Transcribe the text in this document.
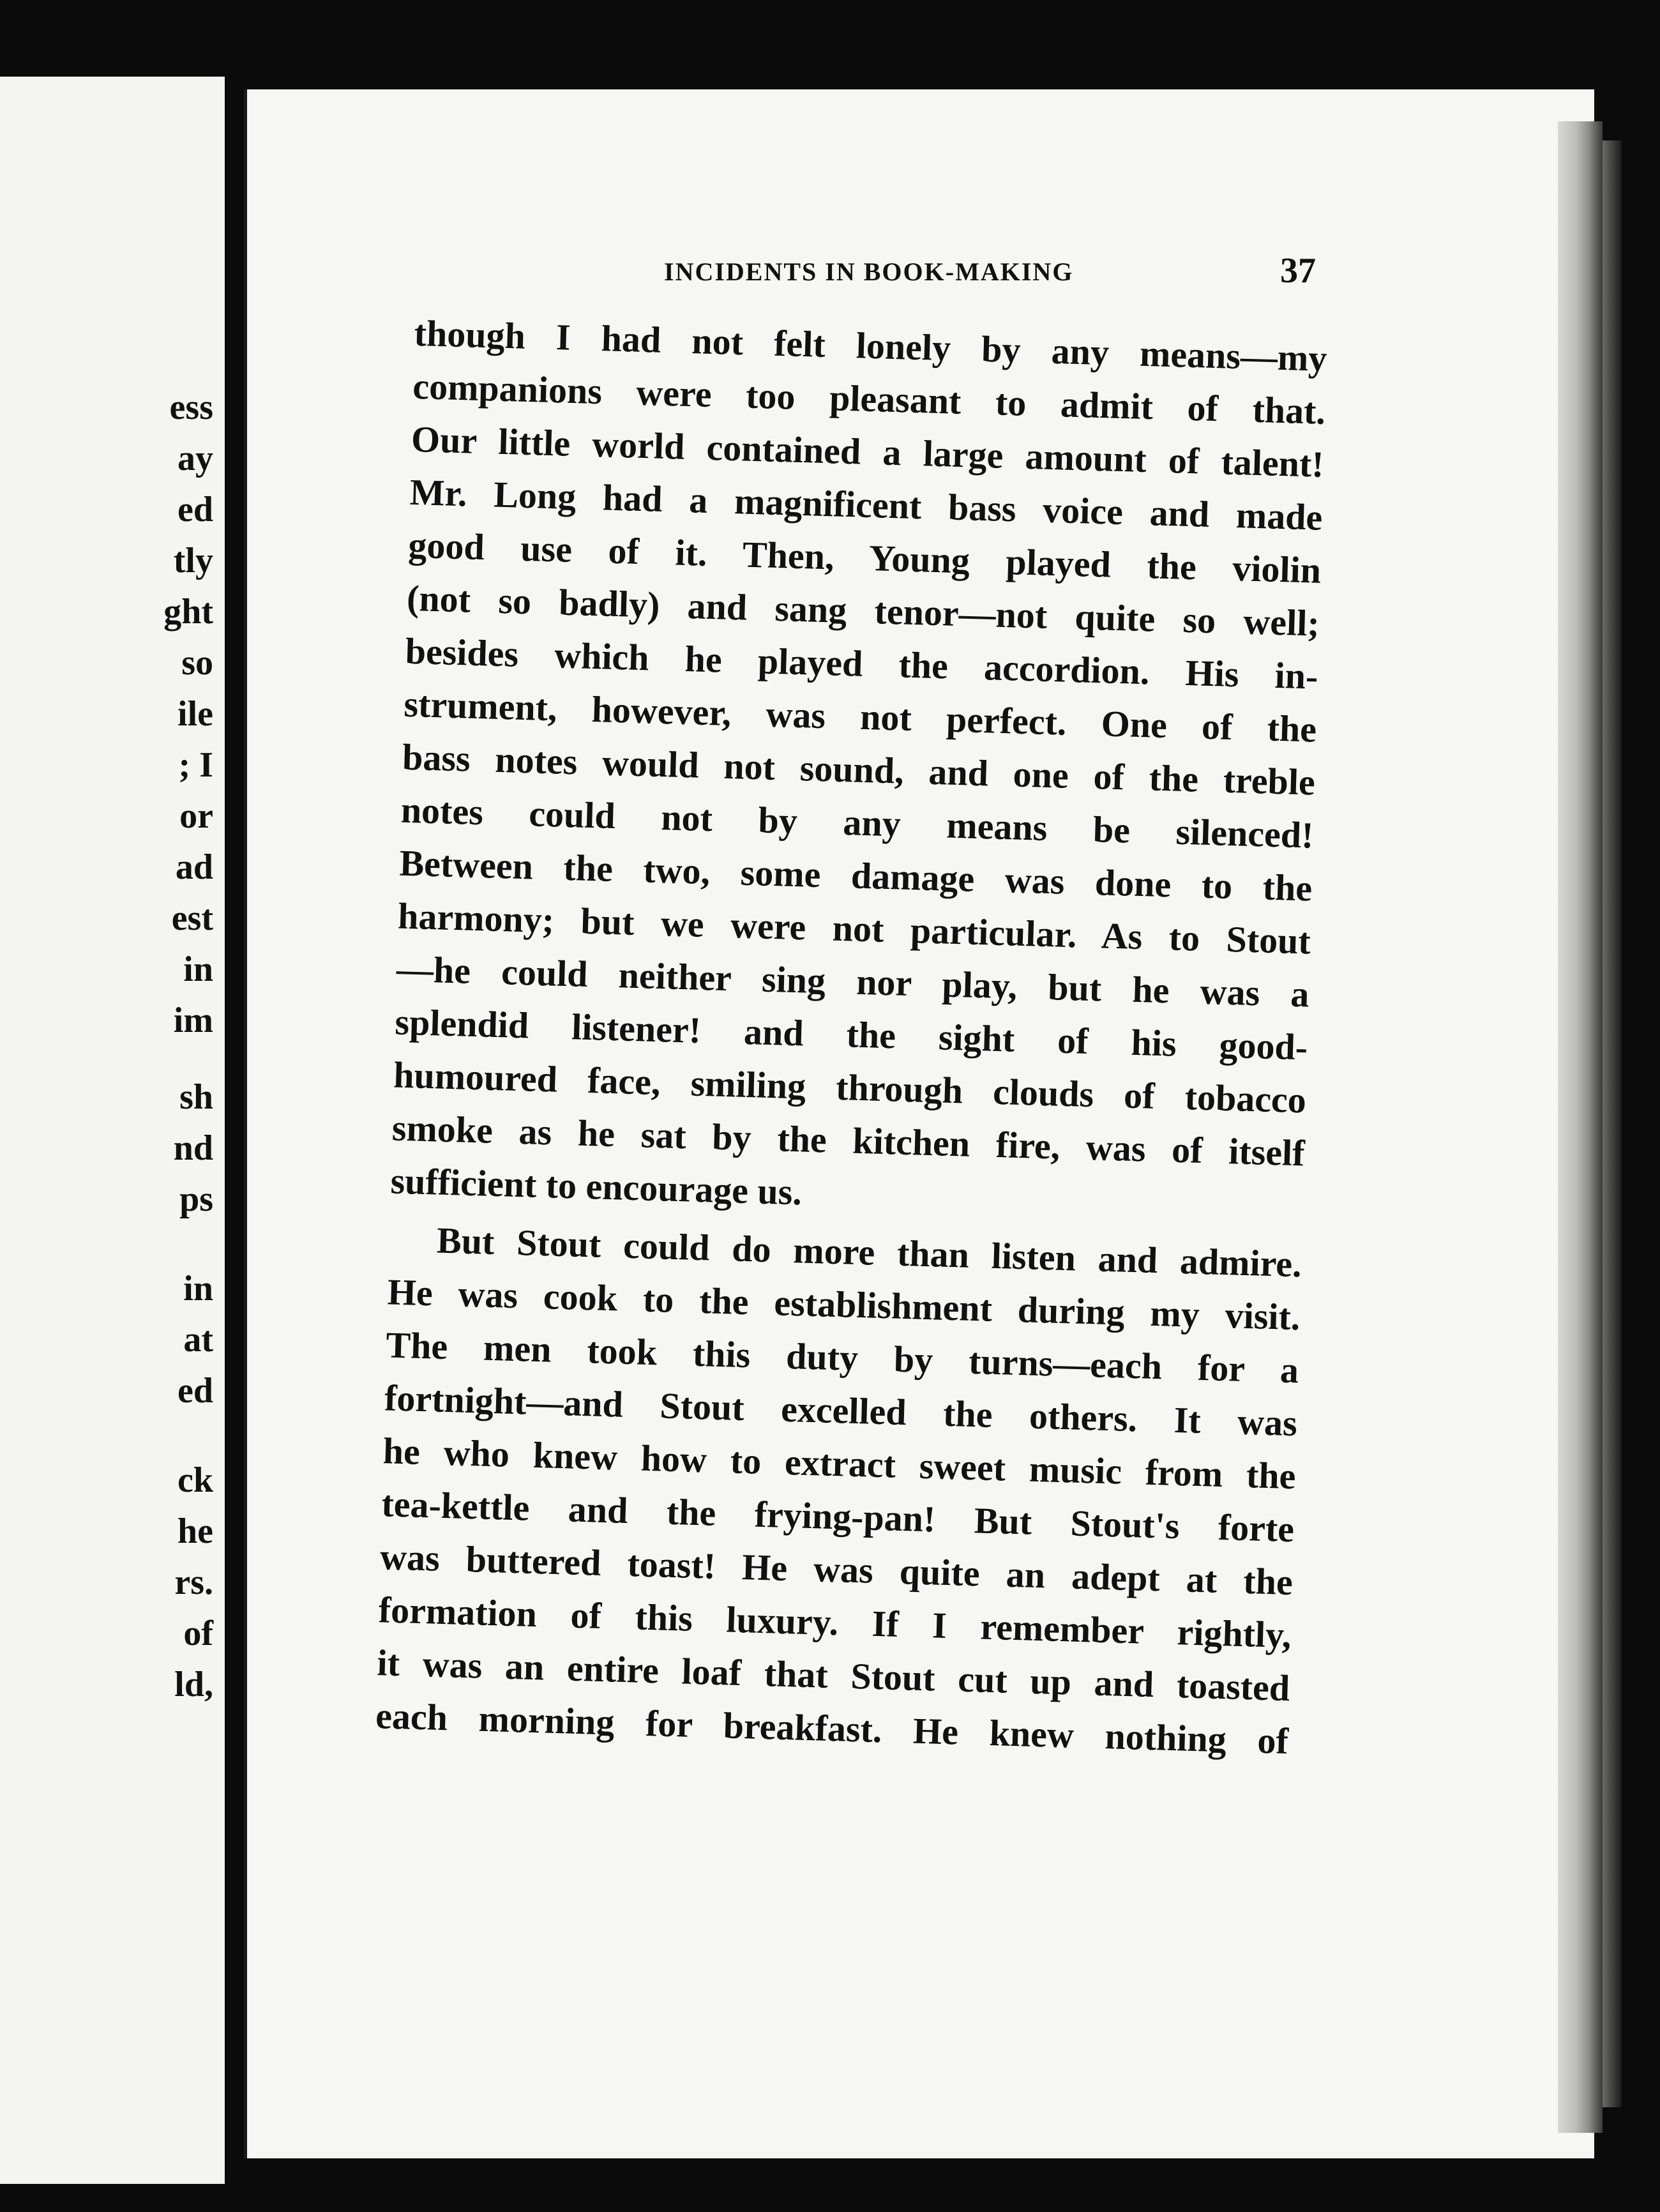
ess
ay
ed
tly
ght
so
ile
; I
or
ad
est
in
im
sh
nd
ps
in
at
ed
ck
he
rs.
of
ld,
INCIDENTS IN BOOK-MAKING	37
though I had not felt lonely by any means—my
companions were too pleasant to admit of that.
Our little world contained a large amount of talent!
Mr. Long had a magnificent bass voice and made
good use of it. Then, Young played the violin
(not so badly) and sang tenor—not quite so well;
besides which he played the accordion. His in-
strument, however, was not perfect. One of the
bass notes would not sound, and one of the treble
notes could not by any means be silenced!
Between the two, some damage was done to the
harmony; but we were not particular. As to Stout
—he could neither sing nor play, but he was a
splendid listener! and the sight of his good-
humoured face, smiling through clouds of tobacco
smoke as he sat by the kitchen fire, was of itself
sufficient to encourage us.
But Stout could do more than listen and admire.
He was cook to the establishment during my visit.
The men took this duty by turns—each for a
fortnight—and Stout excelled the others. It was
he who knew how to extract sweet music from the
tea-kettle and the frying-pan! But Stout's forte
was buttered toast! He was quite an adept at the
formation of this luxury. If I remember rightly,
it was an entire loaf that Stout cut up and toasted
each morning for breakfast. He knew nothing of
